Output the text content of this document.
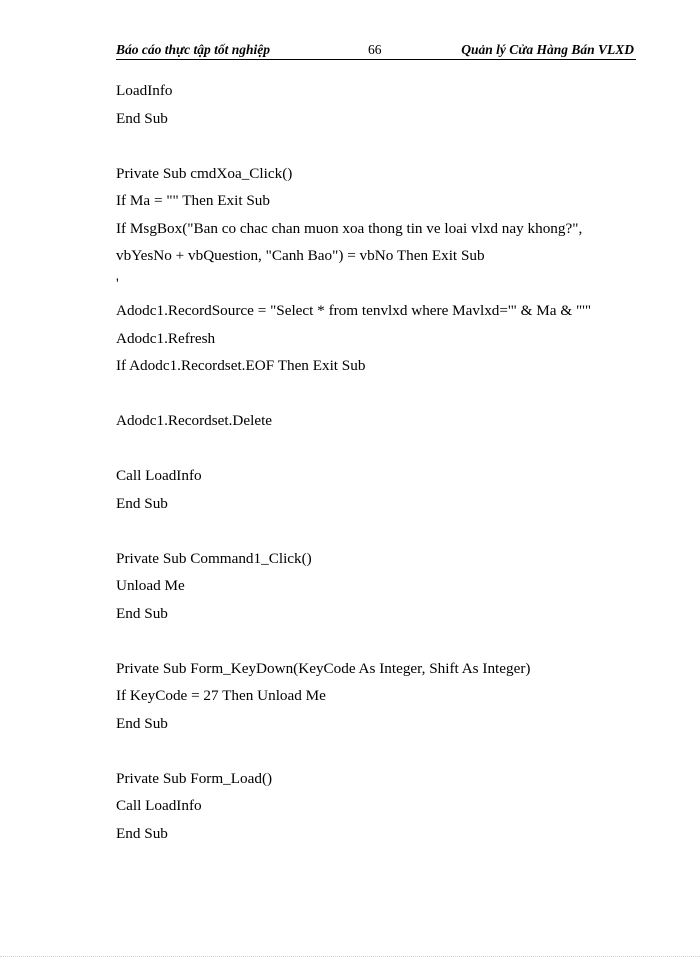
Báo cáo thực tập tốt nghiệp	66	Quản lý Cửa Hàng Bán VLXD
LoadInfo
End Sub
Private Sub cmdXoa_Click()
If Ma = "" Then Exit Sub
If MsgBox("Ban co chac chan muon xoa thong tin ve loai vlxd nay khong?",
vbYesNo + vbQuestion, "Canh Bao") = vbNo Then Exit Sub
'
Adodc1.RecordSource = "Select * from tenvlxd where Mavlxd='" & Ma & "'"
Adodc1.Refresh
If Adodc1.Recordset.EOF Then Exit Sub
Adodc1.Recordset.Delete
Call LoadInfo
End Sub
Private Sub Command1_Click()
Unload Me
End Sub
Private Sub Form_KeyDown(KeyCode As Integer, Shift As Integer)
If KeyCode = 27 Then Unload Me
End Sub
Private Sub Form_Load()
Call LoadInfo
End Sub
